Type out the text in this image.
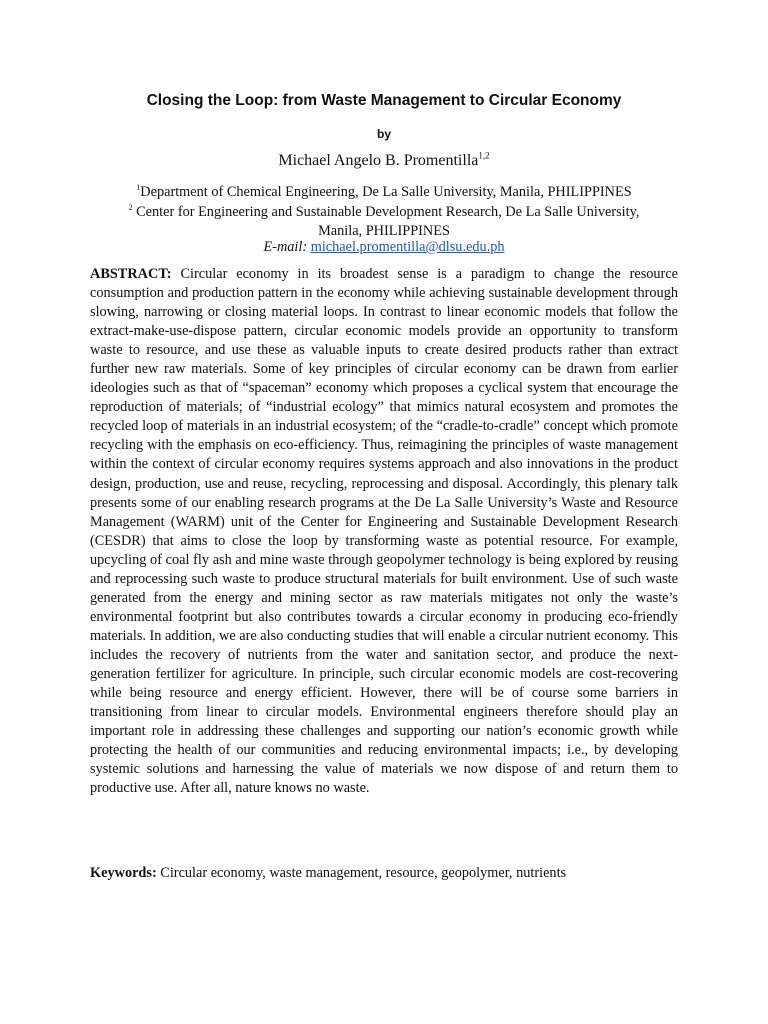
Closing the Loop: from Waste Management to Circular Economy
by
Michael Angelo B. Promentilla$^{1,2}$
$^1$Department of Chemical Engineering, De La Salle University, Manila, PHILIPPINES
$^2$ Center for Engineering and Sustainable Development Research, De La Salle University,
Manila, PHILIPPINES
E-mail: michael.promentilla@dlsu.edu.ph

ABSTRACT: Circular economy in its broadest sense is a paradigm to change the resource consumption and production pattern in the economy while achieving sustainable development through slowing, narrowing or closing material loops. In contrast to linear economic models that follow the extract-make-use-dispose pattern, circular economic models provide an opportunity to transform waste to resource, and use these as valuable inputs to create desired products rather than extract further new raw materials. Some of key principles of circular economy can be drawn from earlier ideologies such as that of “spaceman” economy which proposes a cyclical system that encourage the reproduction of materials; of “industrial ecology” that mimics natural ecosystem and promotes the recycled loop of materials in an industrial ecosystem; of the “cradle-to-cradle” concept which promote recycling with the emphasis on eco-efficiency. Thus, reimagining the principles of waste management within the context of circular economy requires systems approach and also innovations in the product design, production, use and reuse, recycling, reprocessing and disposal. Accordingly, this plenary talk presents some of our enabling research programs at the De La Salle University’s Waste and Resource Management (WARM) unit of the Center for Engineering and Sustainable Development Research (CESDR) that aims to close the loop by transforming waste as potential resource. For example, upcycling of coal fly ash and mine waste through geopolymer technology is being explored by reusing and reprocessing such waste to produce structural materials for built environment. Use of such waste generated from the energy and mining sector as raw materials mitigates not only the waste’s environmental footprint but also contributes towards a circular economy in producing eco-friendly materials. In addition, we are also conducting studies that will enable a circular nutrient economy. This includes the recovery of nutrients from the water and sanitation sector, and produce the next-generation fertilizer for agriculture. In principle, such circular economic models are cost-recovering while being resource and energy efficient. However, there will be of course some barriers in transitioning from linear to circular models. Environmental engineers therefore should play an important role in addressing these challenges and supporting our nation’s economic growth while protecting the health of our communities and reducing environmental impacts; i.e., by developing systemic solutions and harnessing the value of materials we now dispose of and return them to productive use. After all, nature knows no waste.

Keywords: Circular economy, waste management, resource, geopolymer, nutrients
